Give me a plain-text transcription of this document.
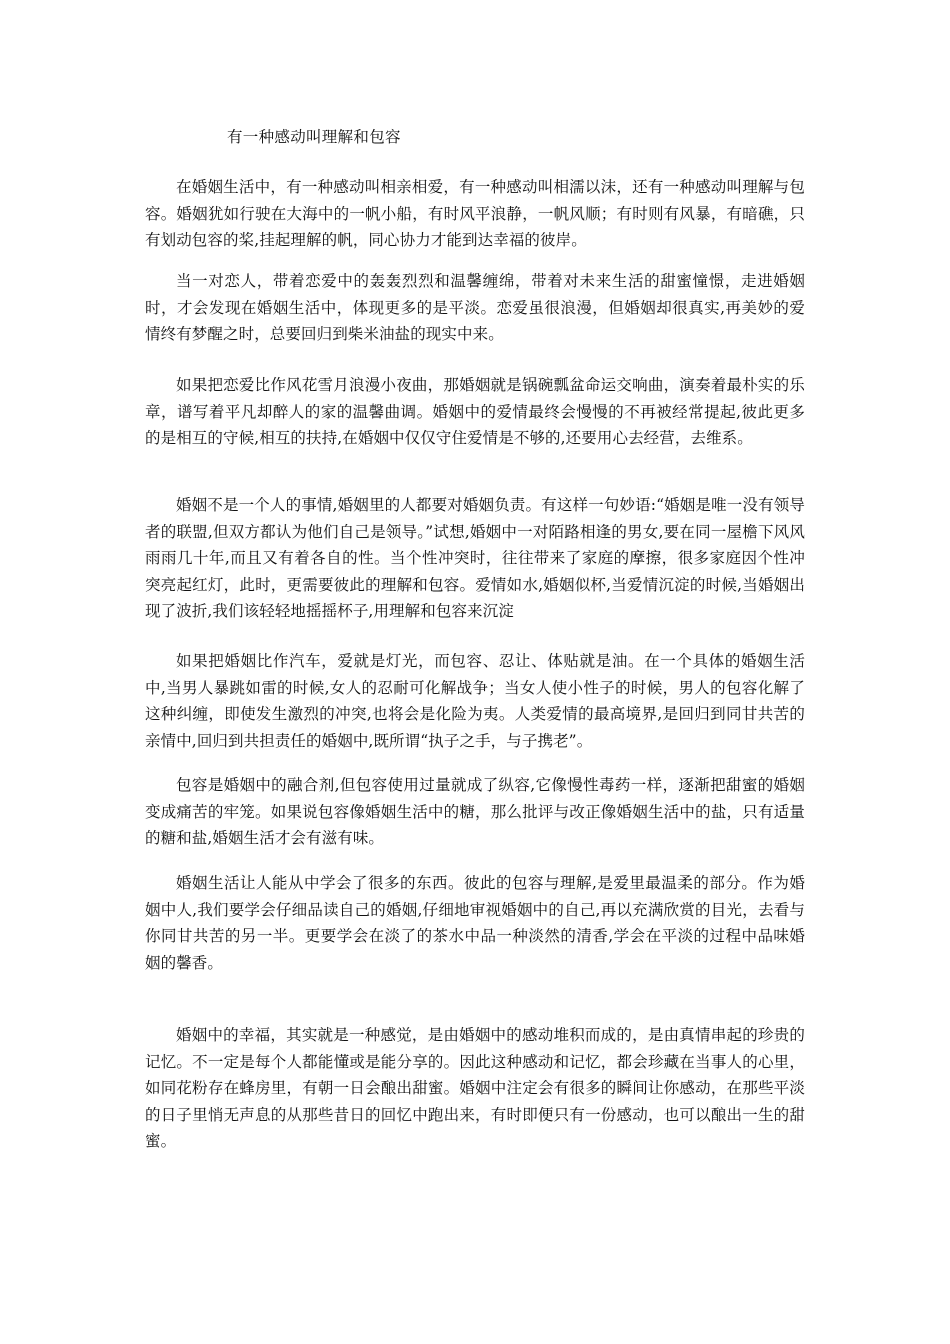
有一种感动叫理解和包容

在婚姻生活中，有一种感动叫相亲相爱，有一种感动叫相濡以沫，还有一种感动叫理解与包容。婚姻犹如行驶在大海中的一帆小船，有时风平浪静，一帆风顺；有时则有风暴，有暗礁，只有划动包容的桨,挂起理解的帆，同心协力才能到达幸福的彼岸。

当一对恋人，带着恋爱中的轰轰烈烈和温馨缠绵，带着对未来生活的甜蜜憧憬，走进婚姻时，才会发现在婚姻生活中，体现更多的是平淡。恋爱虽很浪漫，但婚姻却很真实,再美妙的爱情终有梦醒之时，总要回归到柴米油盐的现实中来。

如果把恋爱比作风花雪月浪漫小夜曲，那婚姻就是锅碗瓢盆命运交响曲，演奏着最朴实的乐章，谱写着平凡却醉人的家的温馨曲调。婚姻中的爱情最终会慢慢的不再被经常提起,彼此更多的是相互的守候,相互的扶持,在婚姻中仅仅守住爱情是不够的,还要用心去经营，去维系。

婚姻不是一个人的事情,婚姻里的人都要对婚姻负责。有这样一句妙语:“婚姻是唯一没有领导者的联盟,但双方都认为他们自己是领导。”试想,婚姻中一对陌路相逢的男女,要在同一屋檐下风风雨雨几十年,而且又有着各自的性。当个性冲突时，往往带来了家庭的摩擦，很多家庭因个性冲突亮起红灯，此时，更需要彼此的理解和包容。爱情如水,婚姻似杯,当爱情沉淀的时候,当婚姻出现了波折,我们该轻轻地摇摇杯子,用理解和包容来沉淀

如果把婚姻比作汽车，爱就是灯光，而包容、忍让、体贴就是油。在一个具体的婚姻生活中,当男人暴跳如雷的时候,女人的忍耐可化解战争；当女人使小性子的时候，男人的包容化解了这种纠缠，即使发生激烈的冲突,也将会是化险为夷。人类爱情的最高境界,是回归到同甘共苦的亲情中,回归到共担责任的婚姻中,既所谓“执子之手，与子携老”。

包容是婚姻中的融合剂,但包容使用过量就成了纵容,它像慢性毒药一样，逐渐把甜蜜的婚姻变成痛苦的牢笼。如果说包容像婚姻生活中的糖，那么批评与改正像婚姻生活中的盐，只有适量的糖和盐,婚姻生活才会有滋有味。

婚姻生活让人能从中学会了很多的东西。彼此的包容与理解,是爱里最温柔的部分。作为婚姻中人,我们要学会仔细品读自己的婚姻,仔细地审视婚姻中的自己,再以充满欣赏的目光，去看与你同甘共苦的另一半。更要学会在淡了的茶水中品一种淡然的清香,学会在平淡的过程中品味婚姻的馨香。

婚姻中的幸福，其实就是一种感觉，是由婚姻中的感动堆积而成的，是由真情串起的珍贵的记忆。不一定是每个人都能懂或是能分享的。因此这种感动和记忆，都会珍藏在当事人的心里，如同花粉存在蜂房里，有朝一日会酿出甜蜜。婚姻中注定会有很多的瞬间让你感动，在那些平淡的日子里悄无声息的从那些昔日的回忆中跑出来，有时即便只有一份感动，也可以酿出一生的甜蜜。
